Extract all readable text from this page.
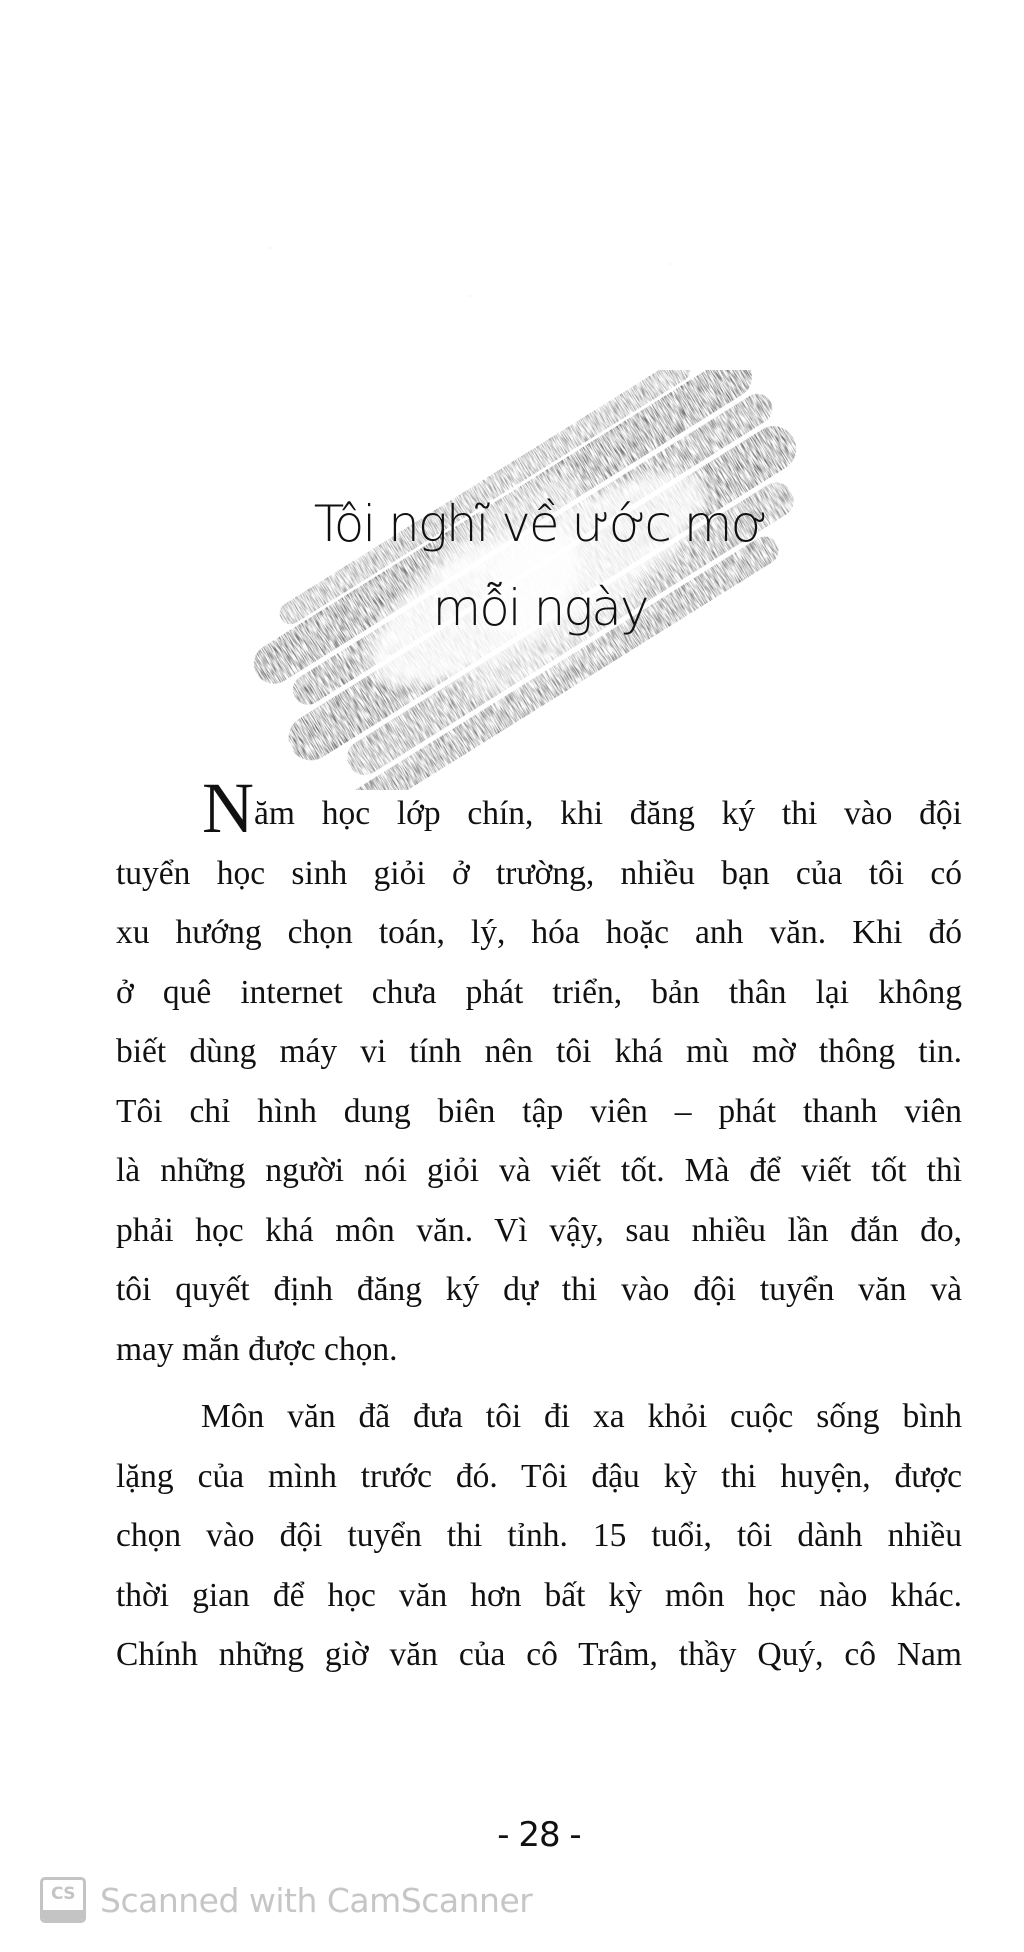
Tôi nghĩ về ước mơ
mỗi ngày
N ăm học lớp chín, khi đăng ký thi vào đội
tuyển học sinh giỏi ở trường, nhiều bạn của tôi có
xu hướng chọn toán, lý, hóa hoặc anh văn. Khi đó
ở quê internet chưa phát triển, bản thân lại không
biết dùng máy vi tính nên tôi khá mù mờ thông tin.
Tôi chỉ hình dung biên tập viên – phát thanh viên
là những người nói giỏi và viết tốt. Mà để viết tốt thì
phải học khá môn văn. Vì vậy, sau nhiều lần đắn đo,
tôi quyết định đăng ký dự thi vào đội tuyển văn và
may mắn được chọn.
Môn văn đã đưa tôi đi xa khỏi cuộc sống bình
lặng của mình trước đó. Tôi đậu kỳ thi huyện, được
chọn vào đội tuyển thi tỉnh. 15 tuổi, tôi dành nhiều
thời gian để học văn hơn bất kỳ môn học nào khác.
Chính những giờ văn của cô Trâm, thầy Quý, cô Nam
- 28 -
CS Scanned with CamScanner
